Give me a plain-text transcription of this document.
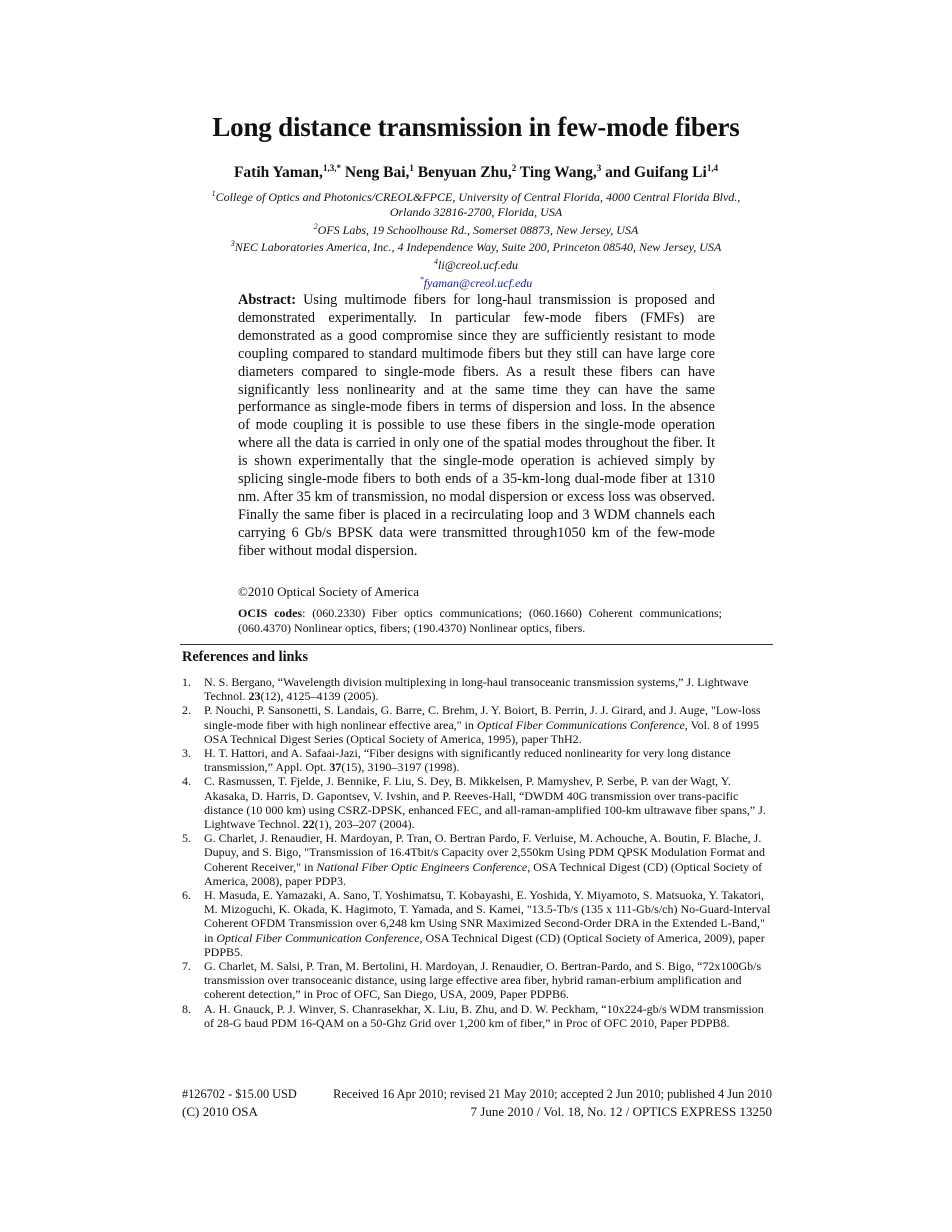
Long distance transmission in few-mode fibers
Fatih Yaman,$^{1,3,*}$ Neng Bai,$^1$ Benyuan Zhu,$^2$ Ting Wang,$^3$ and Guifang Li$^{1,4}$
$^1$College of Optics and Photonics/CREOL&FPCE, University of Central Florida, 4000 Central Florida Blvd.,
Orlando 32816-2700, Florida, USA
$^2$OFS Labs, 19 Schoolhouse Rd., Somerset 08873, New Jersey, USA
$^3$NEC Laboratories America, Inc., 4 Independence Way, Suite 200, Princeton 08540, New Jersey, USA
$^4$li@creol.ucf.edu
*fyaman@creol.ucf.edu
Abstract: Using multimode fibers for long-haul transmission is proposed and demonstrated experimentally. In particular few-mode fibers (FMFs) are demonstrated as a good compromise since they are sufficiently resistant to mode coupling compared to standard multimode fibers but they still can have large core diameters compared to single-mode fibers. As a result these fibers can have significantly less nonlinearity and at the same time they can have the same performance as single-mode fibers in terms of dispersion and loss. In the absence of mode coupling it is possible to use these fibers in the single-mode operation where all the data is carried in only one of the spatial modes throughout the fiber. It is shown experimentally that the single-mode operation is achieved simply by splicing single-mode fibers to both ends of a 35-km-long dual-mode fiber at 1310 nm. After 35 km of transmission, no modal dispersion or excess loss was observed. Finally the same fiber is placed in a recirculating loop and 3 WDM channels each carrying 6 Gb/s BPSK data were transmitted through1050 km of the few-mode fiber without modal dispersion.
©2010 Optical Society of America
OCIS codes: (060.2330) Fiber optics communications; (060.1660) Coherent communications; (060.4370) Nonlinear optics, fibers; (190.4370) Nonlinear optics, fibers.
References and links
1. N. S. Bergano, “Wavelength division multiplexing in long-haul transoceanic transmission systems,” J. Lightwave Technol. 23(12), 4125–4139 (2005).
2. P. Nouchi, P. Sansonetti, S. Landais, G. Barre, C. Brehm, J. Y. Boiort, B. Perrin, J. J. Girard, and J. Auge, "Low-loss single-mode fiber with high nonlinear effective area," in Optical Fiber Communications Conference, Vol. 8 of 1995 OSA Technical Digest Series (Optical Society of America, 1995), paper ThH2.
3. H. T. Hattori, and A. Safaai-Jazi, “Fiber designs with significantly reduced nonlinearity for very long distance transmission,” Appl. Opt. 37(15), 3190–3197 (1998).
4. C. Rasmussen, T. Fjelde, J. Bennike, F. Liu, S. Dey, B. Mikkelsen, P. Mamyshev, P. Serbe, P. van der Wagt, Y. Akasaka, D. Harris, D. Gapontsev, V. Ivshin, and P. Reeves-Hall, “DWDM 40G transmission over trans-pacific distance (10 000 km) using CSRZ-DPSK, enhanced FEC, and all-raman-amplified 100-km ultrawave fiber spans,” J. Lightwave Technol. 22(1), 203–207 (2004).
5. G. Charlet, J. Renaudier, H. Mardoyan, P. Tran, O. Bertran Pardo, F. Verluise, M. Achouche, A. Boutin, F. Blache, J. Dupuy, and S. Bigo, "Transmission of 16.4Tbit/s Capacity over 2,550km Using PDM QPSK Modulation Format and Coherent Receiver," in National Fiber Optic Engineers Conference, OSA Technical Digest (CD) (Optical Society of America, 2008), paper PDP3.
6. H. Masuda, E. Yamazaki, A. Sano, T. Yoshimatsu, T. Kobayashi, E. Yoshida, Y. Miyamoto, S. Matsuoka, Y. Takatori, M. Mizoguchi, K. Okada, K. Hagimoto, T. Yamada, and S. Kamei, "13.5-Tb/s (135 x 111-Gb/s/ch) No-Guard-Interval Coherent OFDM Transmission over 6,248 km Using SNR Maximized Second-Order DRA in the Extended L-Band," in Optical Fiber Communication Conference, OSA Technical Digest (CD) (Optical Society of America, 2009), paper PDPB5.
7. G. Charlet, M. Salsi, P. Tran, M. Bertolini, H. Mardoyan, J. Renaudier, O. Bertran-Pardo, and S. Bigo, “72x100Gb/s transmission over transoceanic distance, using large effective area fiber, hybrid raman-erbium amplification and coherent detection,” in Proc of OFC, San Diego, USA, 2009, Paper PDPB6.
8. A. H. Gnauck, P. J. Winver, S. Chanrasekhar, X. Liu, B. Zhu, and D. W. Peckham, “10x224-gb/s WDM transmission of 28-G baud PDM 16-QAM on a 50-Ghz Grid over 1,200 km of fiber,” in Proc of OFC 2010, Paper PDPB8.
#126702 - $15.00 USD	Received 16 Apr 2010; revised 21 May 2010; accepted 2 Jun 2010; published 4 Jun 2010
(C) 2010 OSA	7 June 2010 / Vol. 18, No. 12 / OPTICS EXPRESS 13250
